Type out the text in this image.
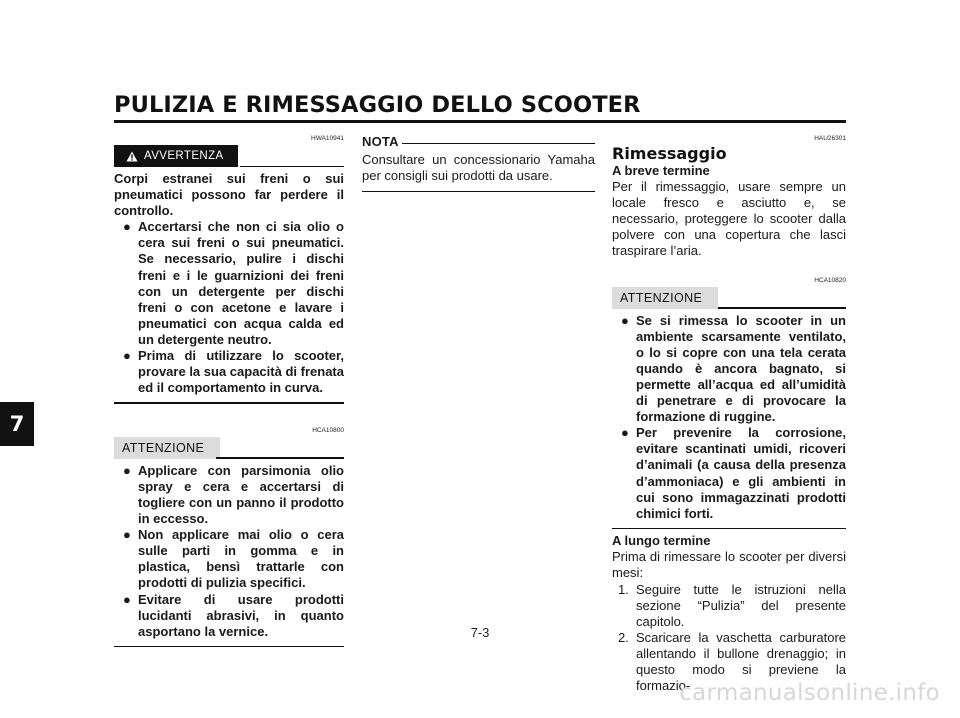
PULIZIA E RIMESSAGGIO DELLO SCOOTER
7
HWA10941
AVVERTENZA
Corpi estranei sui freni o sui pneumatici possono far perdere il controllo.
● Accertarsi che non ci sia olio o cera sui freni o sui pneumatici. Se necessario, pulire i dischi freni e i le guarnizioni dei freni con un detergente per dischi freni o con acetone e lavare i pneumatici con acqua calda ed un detergente neutro.
● Prima di utilizzare lo scooter, provare la sua capacità di frenata ed il comportamento in curva.
HCA10800
ATTENZIONE
● Applicare con parsimonia olio spray e cera e accertarsi di togliere con un panno il prodotto in eccesso.
● Non applicare mai olio o cera sulle parti in gomma e in plastica, bensì trattarle con prodotti di pulizia specifici.
● Evitare di usare prodotti lucidanti abrasivi, in quanto asportano la vernice.
NOTA
Consultare un concessionario Yamaha per consigli sui prodotti da usare.
HAU26301
Rimessaggio
A breve termine
Per il rimessaggio, usare sempre un locale fresco e asciutto e, se necessario, proteggere lo scooter dalla polvere con una copertura che lasci traspirare l’aria.
HCA10820
ATTENZIONE
● Se si rimessa lo scooter in un ambiente scarsamente ventilato, o lo si copre con una tela cerata quando è ancora bagnato, si permette all’acqua ed all’umidità di penetrare e di provocare la formazione di ruggine.
● Per prevenire la corrosione, evitare scantinati umidi, ricoveri d’animali (a causa della presenza d’ammoniaca) e gli ambienti in cui sono immagazzinati prodotti chimici forti.
A lungo termine
Prima di rimessare lo scooter per diversi mesi:
1. Seguire tutte le istruzioni nella sezione “Pulizia” del presente capitolo.
2. Scaricare la vaschetta carburatore allentando il bullone drenaggio; in questo modo si previene la formazio-
7-3
carmanualsonline.info
